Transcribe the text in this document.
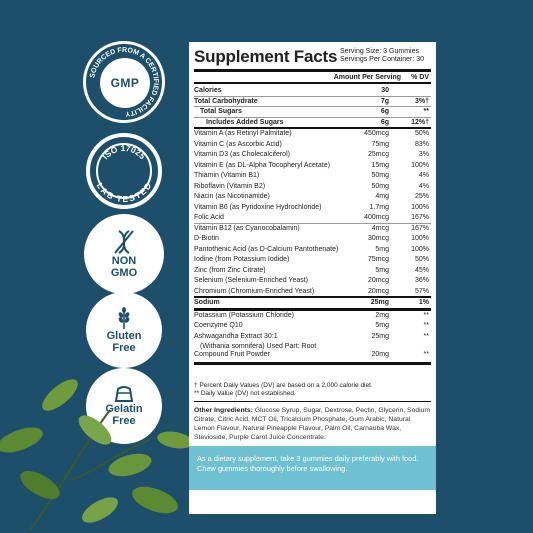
SOURCED FROM A CERTIFIED FACILITY
GMP
ISO 17025
LAB TESTED
NON
GMO
Gluten
Free
Gelatin
Free
Supplement Facts Serving Size: 3 Gummies
Servings Per Container: 30
Amount Per Serving % DV
Calories	30
Total Carbohydrate	7g	3%†
Total Sugars	6g	**
Includes Added Sugars	6g	12%†
Vitamin A (as Retinyl Palmitate)	450mcg	50%
Vitamin C (as Ascorbic Acid)	75mg	83%
Vitamin D3 (as Cholecalciferol)	25mcg	3%
Vitamin E (as DL-Alpha Tocopheryl Acetate)	15mg	100%
Thiamin (Vitamin B1)	50mg	4%
Riboflavin (Vitamin B2)	50mg	4%
Niacin (as Nicotinamide)	4mg	25%
Vitamin B6 (as Pyridoxine Hydrochloride)	1.7mg	100%
Folic Acid	400mcg	167%
Vitamin B12 (as Cyanocobalamin)	4mcg	167%
D-Biotin	30mcg	100%
Pantothenic Acid (as D-Calcium Pantothenate)	5mg	100%
Iodine (from Potassium Iodide)	75mcg	50%
Zinc (from Zinc Citrate)	5mg	45%
Selenium (Selenium-Enriched Yeast)	20mcg	36%
Chromium (Chromium-Enriched Yeast)	20mcg	57%
Sodium	25mg	1%
Potassium (Potassium Chloride)	2mg	**
Coenzyme Q10	5mg	**
Ashwagandha Extract 30:1	25mg	**
(Withania somnifera) Used Part: Root
Compound Fruit Powder	20mg	**
† Percent Daily Values (DV) are based on a 2,000 calorie diet.
** Daily Value (DV) not established.
Other Ingredients: Glucose Syrup, Sugar, Dextrose, Pectin, Glycerin, Sodium Citrate, Citric Acid, MCT Oil, Tricalcium Phosphate, Gum Arabic, Natural Lemon Flavour, Natural Pineapple Flavour, Palm Oil, Carnauba Wax, Stevioside, Purple Carot Juice Concentrate.
As a dietary supplement, take 3 gummies daily preferably with food. Chew gummies thoroughly before swallowing.
